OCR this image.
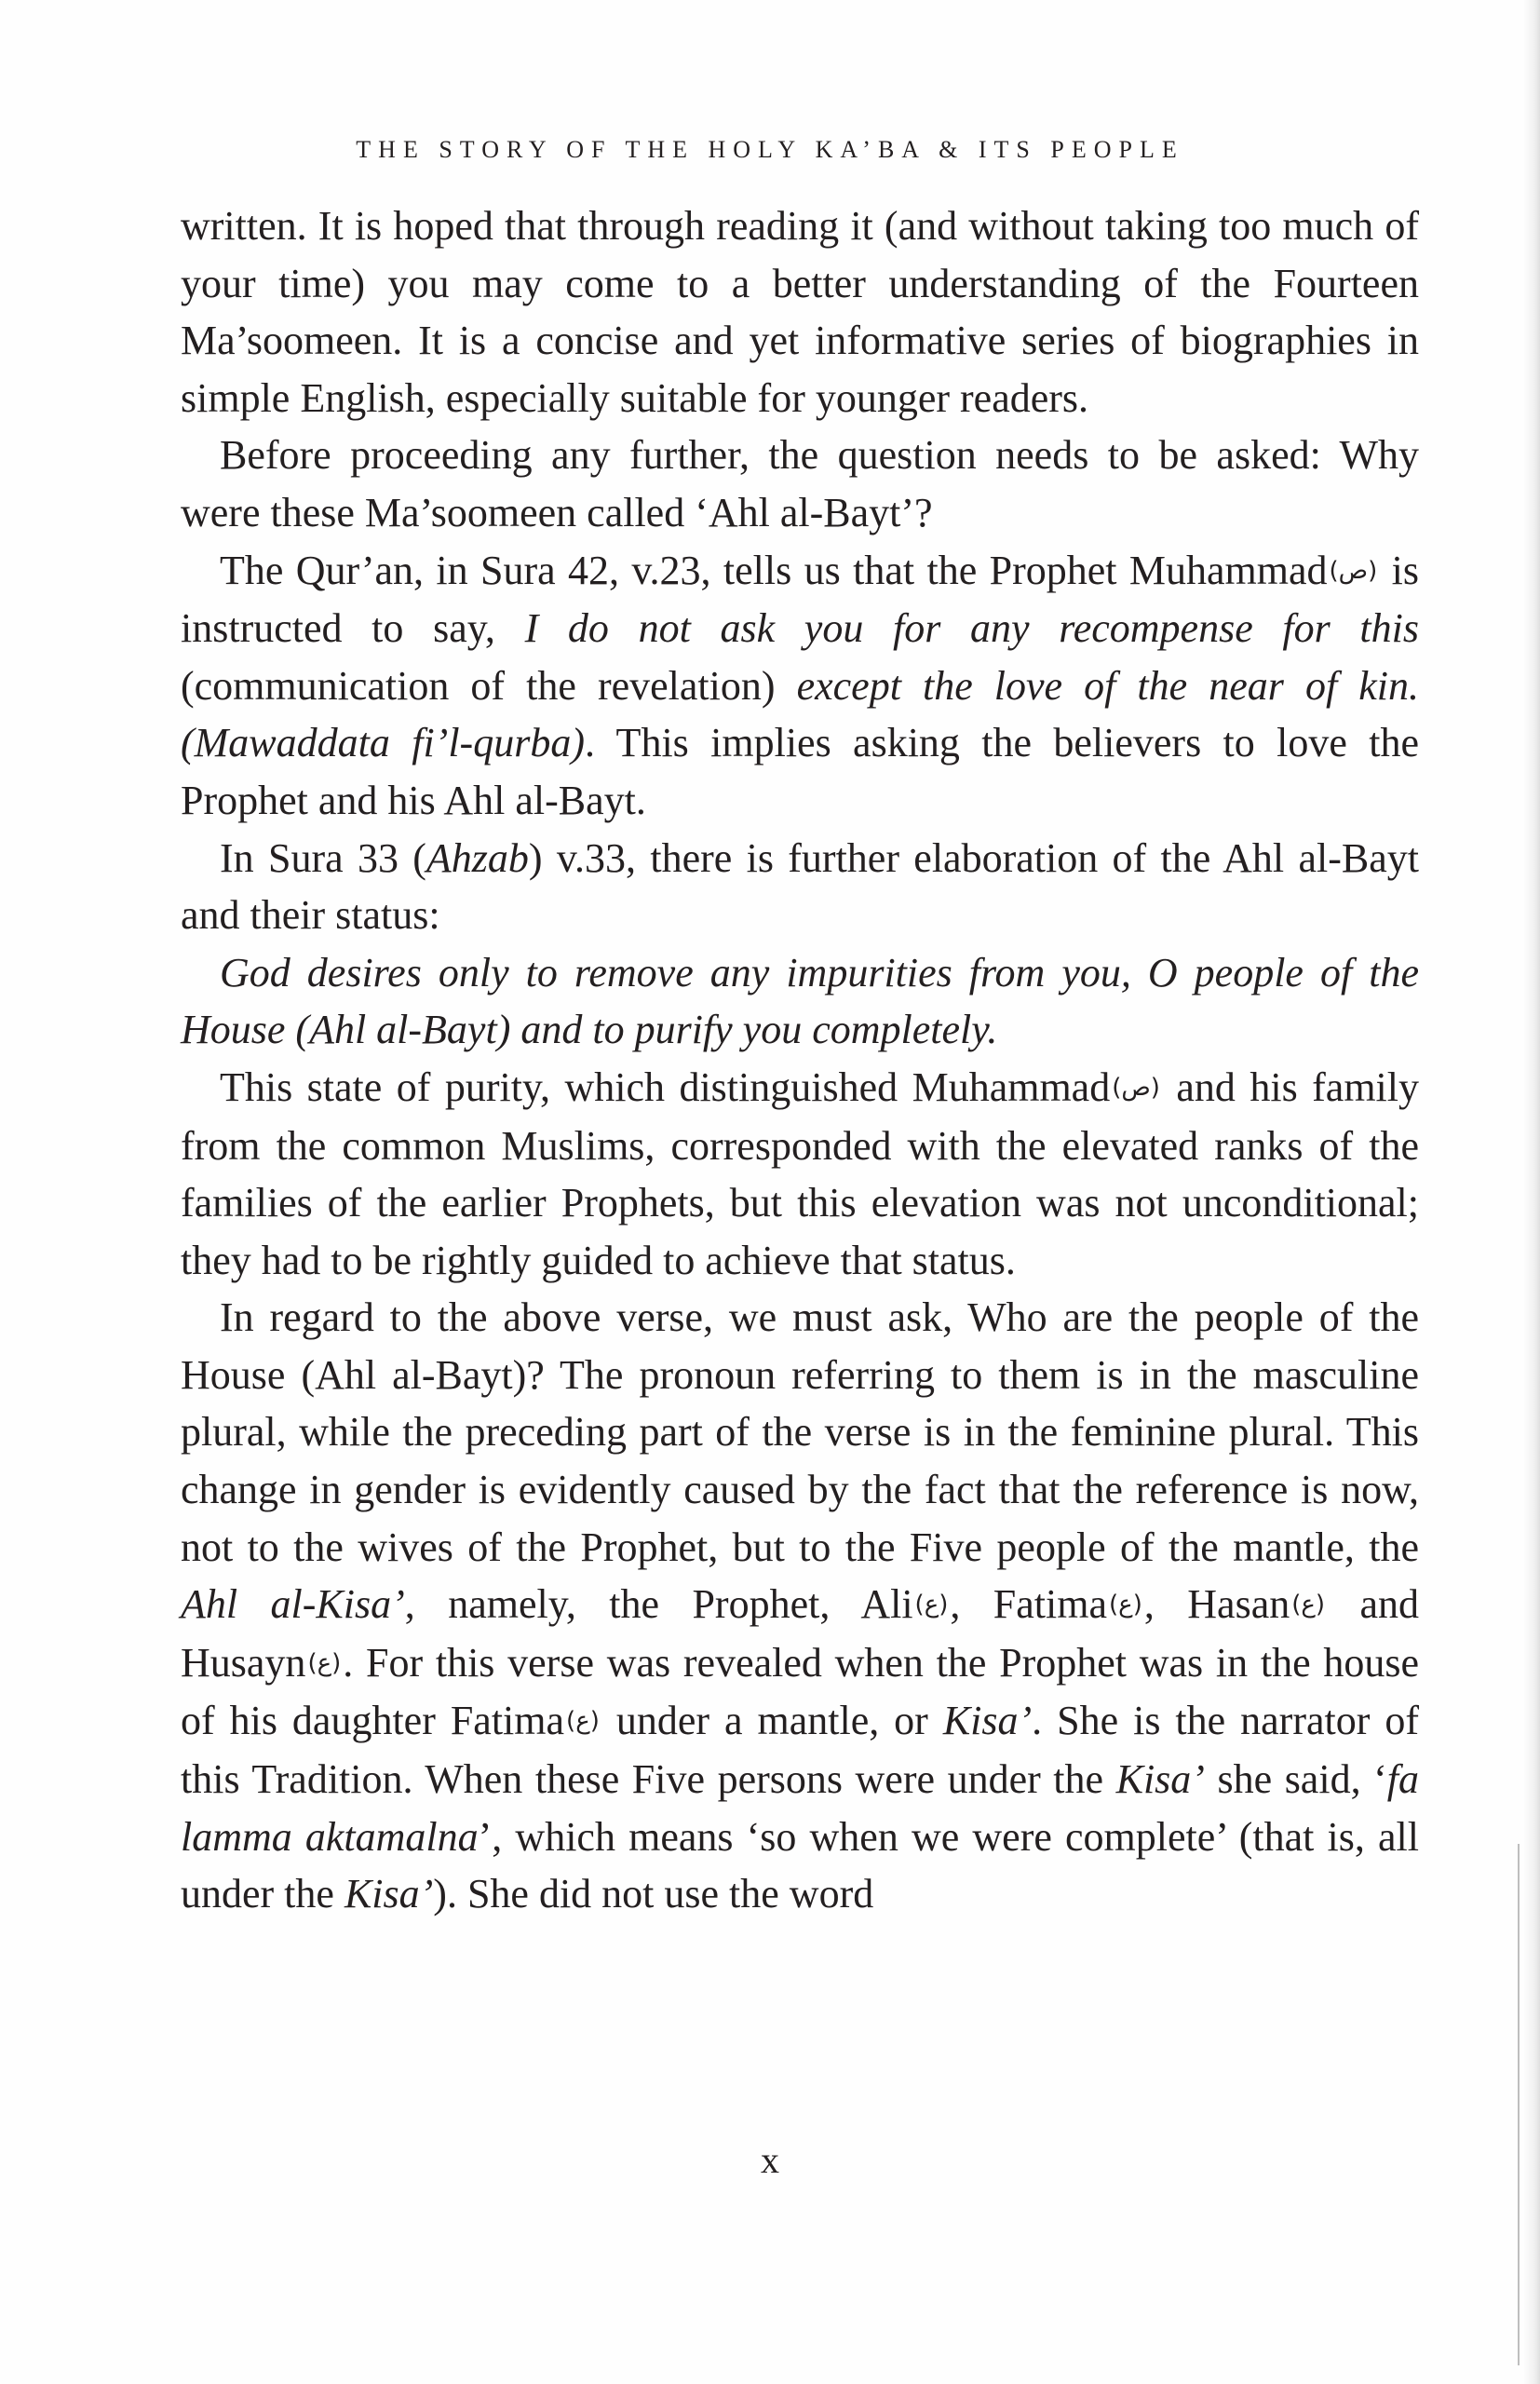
THE STORY OF THE HOLY KA’BA & ITS PEOPLE

written. It is hoped that through reading it (and without taking too much of your time) you may come to a better understanding of the Fourteen Ma’soomeen. It is a concise and yet informative series of biographies in simple English, especially suitable for younger readers.

Before proceeding any further, the question needs to be asked: Why were these Ma’soomeen called ‘Ahl al-Bayt’?

The Qur’an, in Sura 42, v.23, tells us that the Prophet Muhammad(ص) is instructed to say, I do not ask you for any recompense for this (communication of the revelation) except the love of the near of kin. (Mawaddata fi’l-qurba). This implies asking the believers to love the Prophet and his Ahl al-Bayt.

In Sura 33 (Ahzab) v.33, there is further elaboration of the Ahl al-Bayt and their status:

God desires only to remove any impurities from you, O people of the House (Ahl al-Bayt) and to purify you completely.

This state of purity, which distinguished Muhammad(ص) and his family from the common Muslims, corresponded with the elevated ranks of the families of the earlier Prophets, but this elevation was not unconditional; they had to be rightly guided to achieve that status.

In regard to the above verse, we must ask, Who are the people of the House (Ahl al-Bayt)? The pronoun referring to them is in the masculine plural, while the preceding part of the verse is in the feminine plural. This change in gender is evidently caused by the fact that the reference is now, not to the wives of the Prophet, but to the Five people of the mantle, the Ahl al-Kisa’, namely, the Prophet, Ali(ع), Fatima(ع), Hasan(ع) and Husayn(ع). For this verse was revealed when the Prophet was in the house of his daughter Fatima(ع) under a mantle, or Kisa’. She is the narrator of this Tradition. When these Five persons were under the Kisa’ she said, ‘fa lamma aktamalna’, which means ‘so when we were complete’ (that is, all under the Kisa’). She did not use the word

x
